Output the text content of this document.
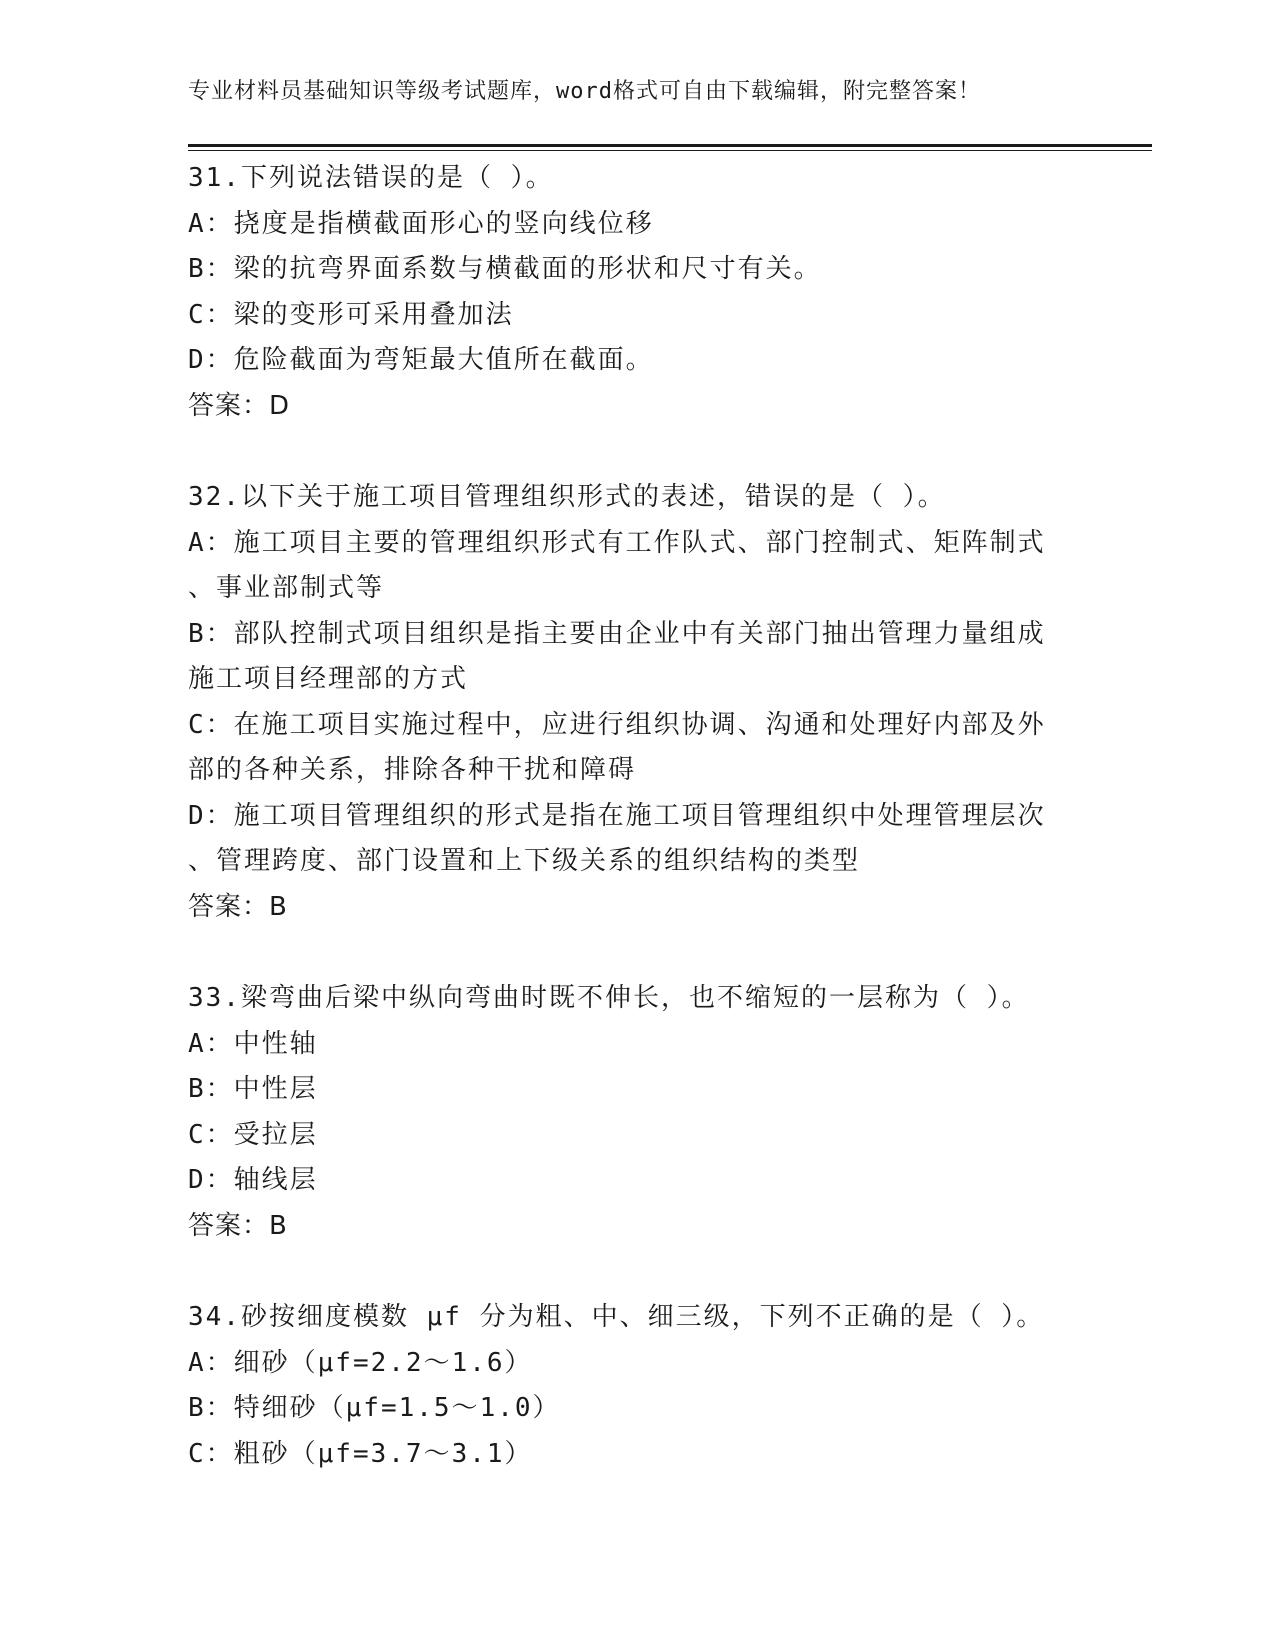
专业材料员基础知识等级考试题库，word格式可自由下载编辑，附完整答案！
31.下列说法错误的是（ ）。
A：挠度是指横截面形心的竖向线位移
B：梁的抗弯界面系数与横截面的形状和尺寸有关。
C：梁的变形可采用叠加法
D：危险截面为弯矩最大值所在截面。
答案：D
32.以下关于施工项目管理组织形式的表述，错误的是（ ）。
A：施工项目主要的管理组织形式有工作队式、部门控制式、矩阵制式
、事业部制式等
B：部队控制式项目组织是指主要由企业中有关部门抽出管理力量组成
施工项目经理部的方式
C：在施工项目实施过程中，应进行组织协调、沟通和处理好内部及外
部的各种关系，排除各种干扰和障碍
D：施工项目管理组织的形式是指在施工项目管理组织中处理管理层次
、管理跨度、部门设置和上下级关系的组织结构的类型
答案：B
33.梁弯曲后梁中纵向弯曲时既不伸长，也不缩短的一层称为（ ）。
A：中性轴
B：中性层
C：受拉层
D：轴线层
答案：B
34.砂按细度模数 μf 分为粗、中、细三级，下列不正确的是（ ）。
A：细砂（μf=2.2～1.6）
B：特细砂（μf=1.5～1.0）
C：粗砂（μf=3.7～3.1）
